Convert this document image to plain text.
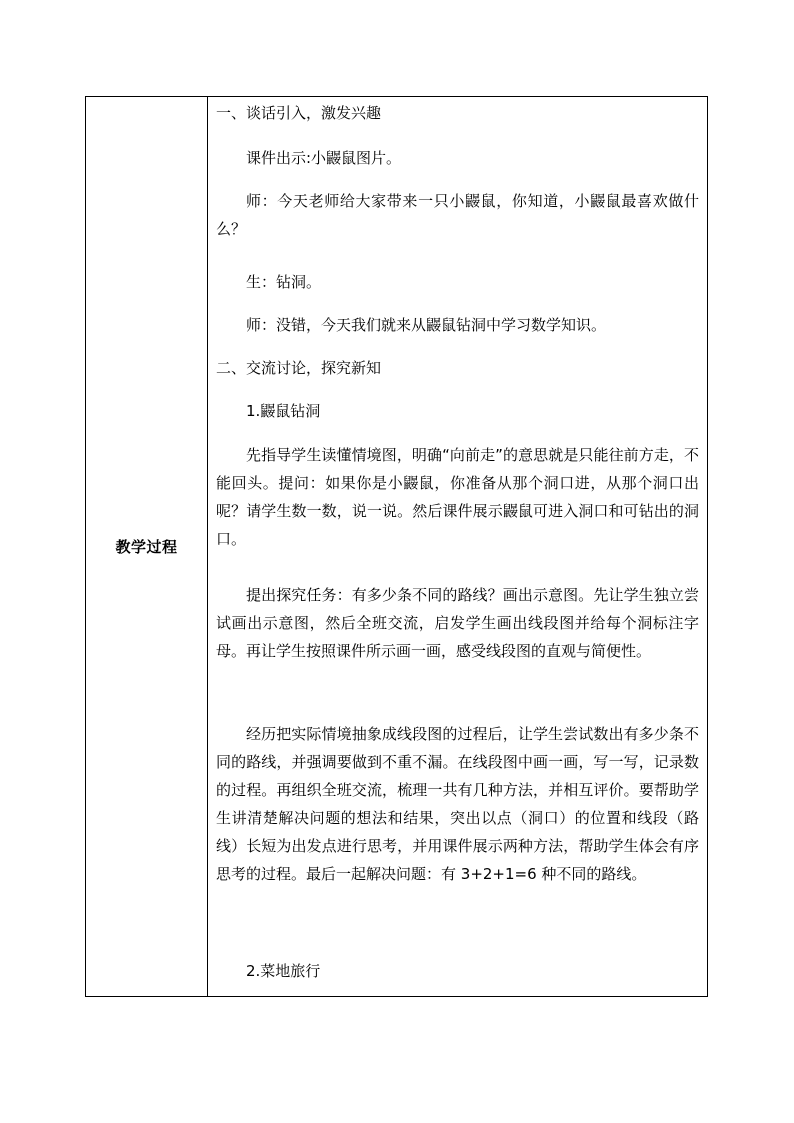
教学过程
一、谈话引入，激发兴趣
课件出示:小鼹鼠图片。
师：今天老师给大家带来一只小鼹鼠，你知道，小鼹鼠最喜欢做什么？
生：钻洞。
师：没错，今天我们就来从鼹鼠钻洞中学习数学知识。
二、交流讨论，探究新知
1.鼹鼠钻洞
先指导学生读懂情境图，明确“向前走”的意思就是只能往前方走，不能回头。提问：如果你是小鼹鼠，你准备从那个洞口进，从那个洞口出呢？请学生数一数，说一说。然后课件展示鼹鼠可进入洞口和可钻出的洞口。
提出探究任务：有多少条不同的路线？画出示意图。先让学生独立尝试画出示意图，然后全班交流，启发学生画出线段图并给每个洞标注字母。再让学生按照课件所示画一画，感受线段图的直观与简便性。
经历把实际情境抽象成线段图的过程后，让学生尝试数出有多少条不同的路线，并强调要做到不重不漏。在线段图中画一画，写一写，记录数的过程。再组织全班交流，梳理一共有几种方法，并相互评价。要帮助学生讲清楚解决问题的想法和结果，突出以点（洞口）的位置和线段（路线）长短为出发点进行思考，并用课件展示两种方法，帮助学生体会有序思考的过程。最后一起解决问题：有 3+2+1=6 种不同的路线。
2.菜地旅行
